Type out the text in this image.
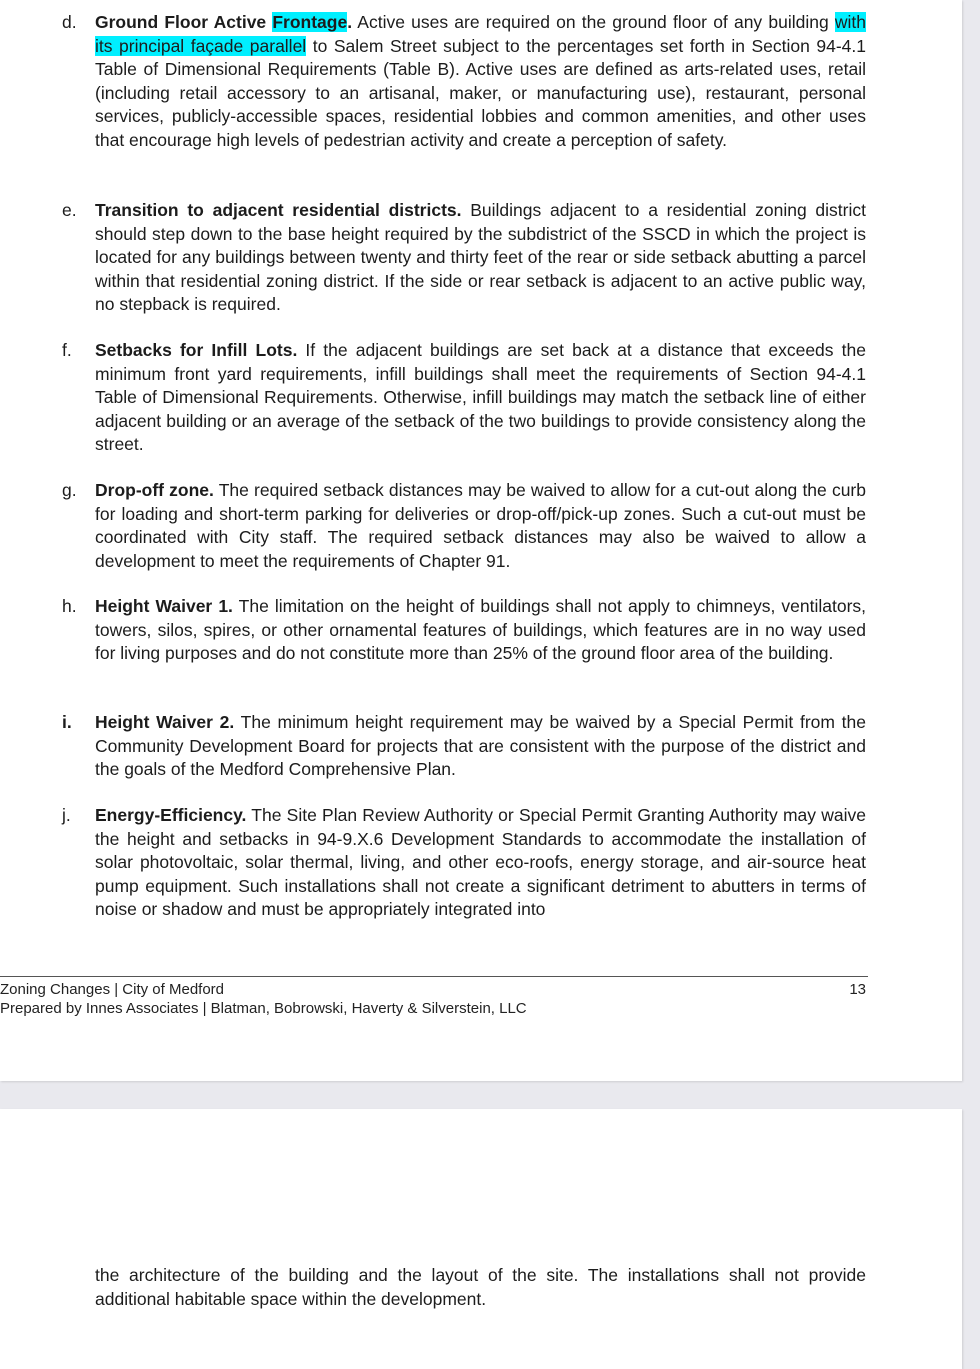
d. Ground Floor Active Frontage. Active uses are required on the ground floor of any building with its principal façade parallel to Salem Street subject to the percentages set forth in Section 94-4.1 Table of Dimensional Requirements (Table B). Active uses are defined as arts-related uses, retail (including retail accessory to an artisanal, maker, or manufacturing use), restaurant, personal services, publicly-accessible spaces, residential lobbies and common amenities, and other uses that encourage high levels of pedestrian activity and create a perception of safety.
e. Transition to adjacent residential districts. Buildings adjacent to a residential zoning district should step down to the base height required by the subdistrict of the SSCD in which the project is located for any buildings between twenty and thirty feet of the rear or side setback abutting a parcel within that residential zoning district. If the side or rear setback is adjacent to an active public way, no stepback is required.
f. Setbacks for Infill Lots. If the adjacent buildings are set back at a distance that exceeds the minimum front yard requirements, infill buildings shall meet the requirements of Section 94-4.1 Table of Dimensional Requirements. Otherwise, infill buildings may match the setback line of either adjacent building or an average of the setback of the two buildings to provide consistency along the street.
g. Drop-off zone. The required setback distances may be waived to allow for a cut-out along the curb for loading and short-term parking for deliveries or drop-off/pick-up zones. Such a cut-out must be coordinated with City staff. The required setback distances may also be waived to allow a development to meet the requirements of Chapter 91.
h. Height Waiver 1. The limitation on the height of buildings shall not apply to chimneys, ventilators, towers, silos, spires, or other ornamental features of buildings, which features are in no way used for living purposes and do not constitute more than 25% of the ground floor area of the building.
i. Height Waiver 2. The minimum height requirement may be waived by a Special Permit from the Community Development Board for projects that are consistent with the purpose of the district and the goals of the Medford Comprehensive Plan.
j. Energy-Efficiency. The Site Plan Review Authority or Special Permit Granting Authority may waive the height and setbacks in 94-9.X.6 Development Standards to accommodate the installation of solar photovoltaic, solar thermal, living, and other eco-roofs, energy storage, and air-source heat pump equipment. Such installations shall not create a significant detriment to abutters in terms of noise or shadow and must be appropriately integrated into
Zoning Changes | City of Medford
Prepared by Innes Associates | Blatman, Bobrowski, Haverty & Silverstein, LLC
13
the architecture of the building and the layout of the site. The installations shall not provide additional habitable space within the development.
